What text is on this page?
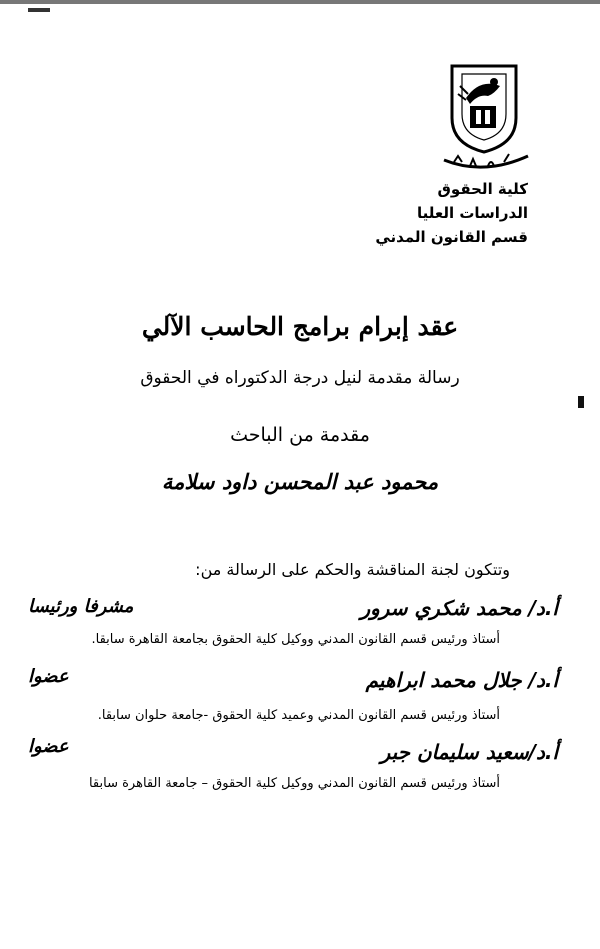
كلية الحقوق
الدراسات العليا
قسم القانون المدني
عقد إبرام برامج الحاسب الآلي
رسالة مقدمة لنيل درجة الدكتوراه في الحقوق
مقدمة من الباحث
محمود عبد المحسن داود سلامة
وتتكون لجنة المناقشة والحكم على الرسالة من:
أ.د/ محمد شكري سرور
مشرفا ورئيسا
أستاذ ورئيس قسم القانون المدني ووكيل كلية الحقوق بجامعة القاهرة سابقا.
أ.د/ جلال محمد ابراهيم
عضوا
أستاذ ورئيس قسم القانون المدني وعميد كلية الحقوق -جامعة حلوان سابقا.
أ.د/سعيد سليمان جبر
عضوا
أستاذ ورئيس قسم القانون المدني ووكيل كلية الحقوق – جامعة القاهرة سابقا
